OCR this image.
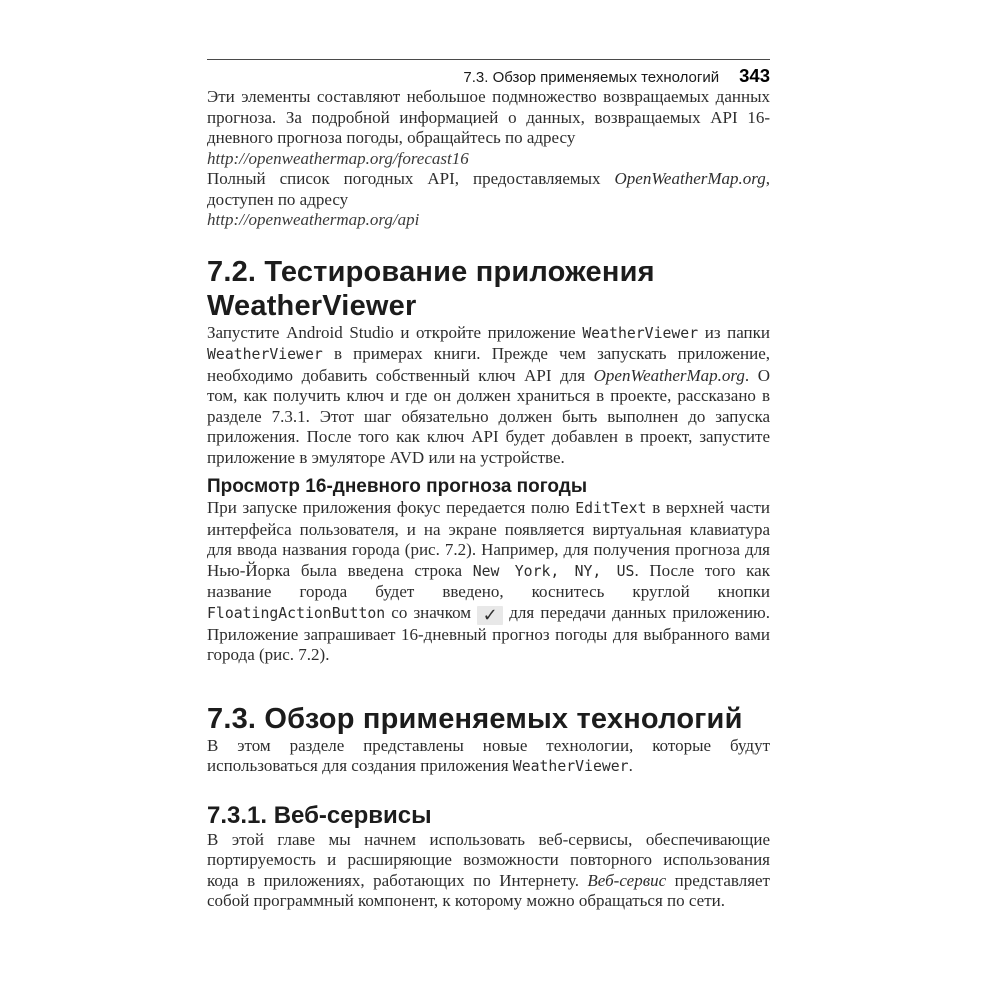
7.3. Обзор применяемых технологий 343

Эти элементы составляют небольшое подмножество возвращаемых данных прогноза. За подробной информацией о данных, возвращаемых API 16-дневного прогноза погоды, обращайтесь по адресу

http://openweathermap.org/forecast16

Полный список погодных API, предоставляемых OpenWeatherMap.org, доступен по адресу

http://openweathermap.org/api

7.2. Тестирование приложения WeatherViewer

Запустите Android Studio и откройте приложение WeatherViewer из папки WeatherViewer в примерах книги. Прежде чем запускать приложение, необходимо добавить собственный ключ API для OpenWeatherMap.org. О том, как получить ключ и где он должен храниться в проекте, рассказано в разделе 7.3.1. Этот шаг обязательно должен быть выполнен до запуска приложения. После того как ключ API будет добавлен в проект, запустите приложение в эмуляторе AVD или на устройстве.

Просмотр 16-дневного прогноза погоды

При запуске приложения фокус передается полю EditText в верхней части интерфейса пользователя, и на экране появляется виртуальная клавиатура для ввода названия города (рис. 7.2). Например, для получения прогноза для Нью-Йорка была введена строка New York, NY, US. После того как название города будет введено, коснитесь круглой кнопки FloatingActionButton со значком ✓ для передачи данных приложению. Приложение запрашивает 16-дневный прогноз погоды для выбранного вами города (рис. 7.2).

7.3. Обзор применяемых технологий

В этом разделе представлены новые технологии, которые будут использоваться для создания приложения WeatherViewer.

7.3.1. Веб-сервисы

В этой главе мы начнем использовать веб-сервисы, обеспечивающие портируемость и расширяющие возможности повторного использования кода в приложениях, работающих по Интернету. Веб-сервис представляет собой программный компонент, к которому можно обращаться по сети.
